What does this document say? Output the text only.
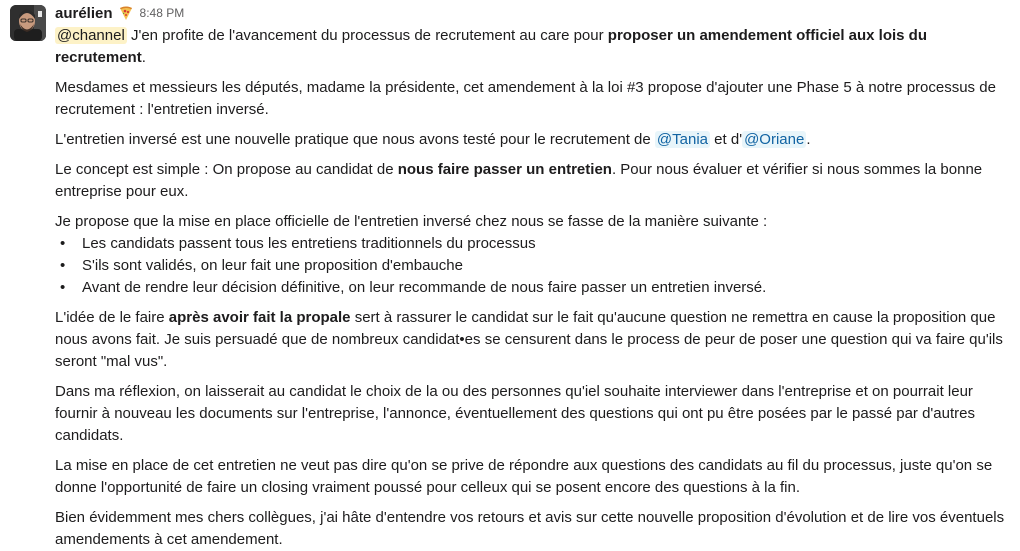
aurélien 8:48 PM

@channel J'en profite de l'avancement du processus de recrutement au care pour proposer un amendement officiel aux lois du recrutement.

Mesdames et messieurs les députés, madame la présidente, cet amendement à la loi #3 propose d'ajouter une Phase 5 à notre processus de recrutement : l'entretien inversé.

L'entretien inversé est une nouvelle pratique que nous avons testé pour le recrutement de @Tania et d' @Oriane .

Le concept est simple : On propose au candidat de nous faire passer un entretien. Pour nous évaluer et vérifier si nous sommes la bonne entreprise pour eux.

Je propose que la mise en place officielle de l'entretien inversé chez nous se fasse de la manière suivante :

• Les candidats passent tous les entretiens traditionnels du processus
• S'ils sont validés, on leur fait une proposition d'embauche
• Avant de rendre leur décision définitive, on leur recommande de nous faire passer un entretien inversé.

L'idée de le faire après avoir fait la propale sert à rassurer le candidat sur le fait qu'aucune question ne remettra en cause la proposition que nous avons fait. Je suis persuadé que de nombreux candidat•es se censurent dans le process de peur de poser une question qui va faire qu'ils seront "mal vus".

Dans ma réflexion, on laisserait au candidat le choix de la ou des personnes qu'iel souhaite interviewer dans l'entreprise et on pourrait leur fournir à nouveau les documents sur l'entreprise, l'annonce, éventuellement des questions qui ont pu être posées par le passé par d'autres candidats.

La mise en place de cet entretien ne veut pas dire qu'on se prive de répondre aux questions des candidats au fil du processus, juste qu'on se donne l'opportunité de faire un closing vraiment poussé pour celleux qui se posent encore des questions à la fin.

Bien évidemment mes chers collègues, j'ai hâte d'entendre vos retours et avis sur cette nouvelle proposition d'évolution et de lire vos éventuels amendements à cet amendement.
